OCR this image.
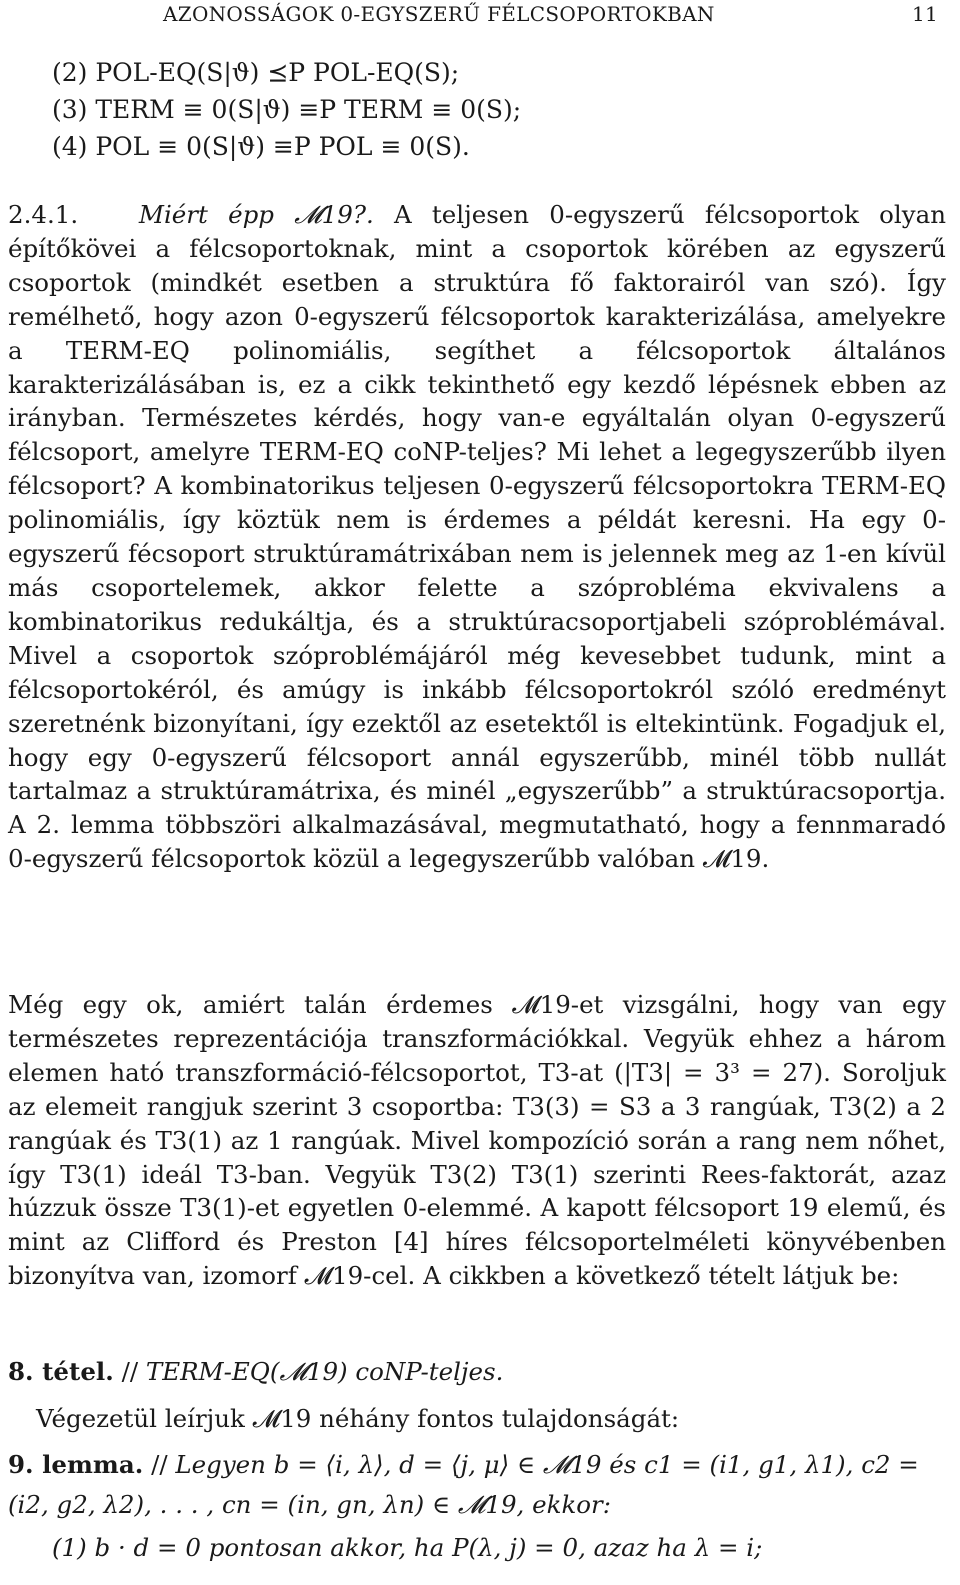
AZONOSSÁGOK 0-EGYSZERŰ FÉLCSOPORTOKBAN	11
(2) POL-EQ(S|ϑ) ⪯P POL-EQ(S);
(3) TERM ≡ 0(S|ϑ) ≡P TERM ≡ 0(S);
(4) POL ≡ 0(S|ϑ) ≡P POL ≡ 0(S).

2.4.1. Miért épp 𝓜19?. A teljesen 0-egyszerű félcsoportok olyan építőkövei a félcsoportoknak, mint a csoportok körében az egyszerű csoportok (mindkét esetben a struktúra fő faktorairól van szó). Így remélhető, hogy azon 0-egyszerű félcsoportok karakterizálása, amelyekre a TERM-EQ polinomiális, segíthet a félcsoportok általános karakterizálásában is, ez a cikk tekinthető egy kezdő lépésnek ebben az irányban. Természetes kérdés, hogy van-e egyáltalán olyan 0-egyszerű félcsoport, amelyre TERM-EQ coNP-teljes? Mi lehet a legegyszerűbb ilyen félcsoport? A kombinatorikus teljesen 0-egyszerű félcsoportokra TERM-EQ polinomiális, így köztük nem is érdemes a példát keresni. Ha egy 0-egyszerű fécsoport struktúramátrixában nem is jelennek meg az 1-en kívül más csoportelemek, akkor felette a szóprobléma ekvivalens a kombinatorikus redukáltja, és a struktúracsoportjabeli szóproblémával. Mivel a csoportok szóproblémájáról még kevesebbet tudunk, mint a félcsoportokéról, és amúgy is inkább félcsoportokról szóló eredményt szeretnénk bizonyítani, így ezektől az esetektől is eltekintünk. Fogadjuk el, hogy egy 0-egyszerű félcsoport annál egyszerűbb, minél több nullát tartalmaz a struktúramátrixa, és minél „egyszerűbb” a struktúracsoportja. A 2. lemma többszöri alkalmazásával, megmutatható, hogy a fennmaradó 0-egyszerű félcsoportok közül a legegyszerűbb valóban 𝓜19.

Még egy ok, amiért talán érdemes 𝓜19-et vizsgálni, hogy van egy természetes reprezentációja transzformációkkal. Vegyük ehhez a három elemen ható transzformáció-félcsoportot, T3-at (|T3| = 3³ = 27). Soroljuk az elemeit rangjuk szerint 3 csoportba: T3(3) = S3 a 3 rangúak, T3(2) a 2 rangúak és T3(1) az 1 rangúak. Mivel kompozíció során a rang nem nőhet, így T3(1) ideál T3-ban. Vegyük T3(2) T3(1) szerinti Rees-faktorát, azaz húzzuk össze T3(1)-et egyetlen 0-elemmé. A kapott félcsoport 19 elemű, és mint az Clifford és Preston [4] híres félcsoportelméleti könyvébenben bizonyítva van, izomorf 𝓜19-cel. A cikkben a következő tételt látjuk be:

8. tétel. // TERM-EQ(𝓜19) coNP-teljes.
Végezetül leírjuk 𝓜19 néhány fontos tulajdonságát:
9. lemma. // Legyen b = ⟨i, λ⟩, d = ⟨j, μ⟩ ∈ 𝓜19 és c1 = (i1, g1, λ1), c2 =
(i2, g2, λ2), . . . , cn = (in, gn, λn) ∈ 𝓜19, ekkor:
(1) b · d = 0 pontosan akkor, ha P(λ, j) = 0, azaz ha λ = i;
